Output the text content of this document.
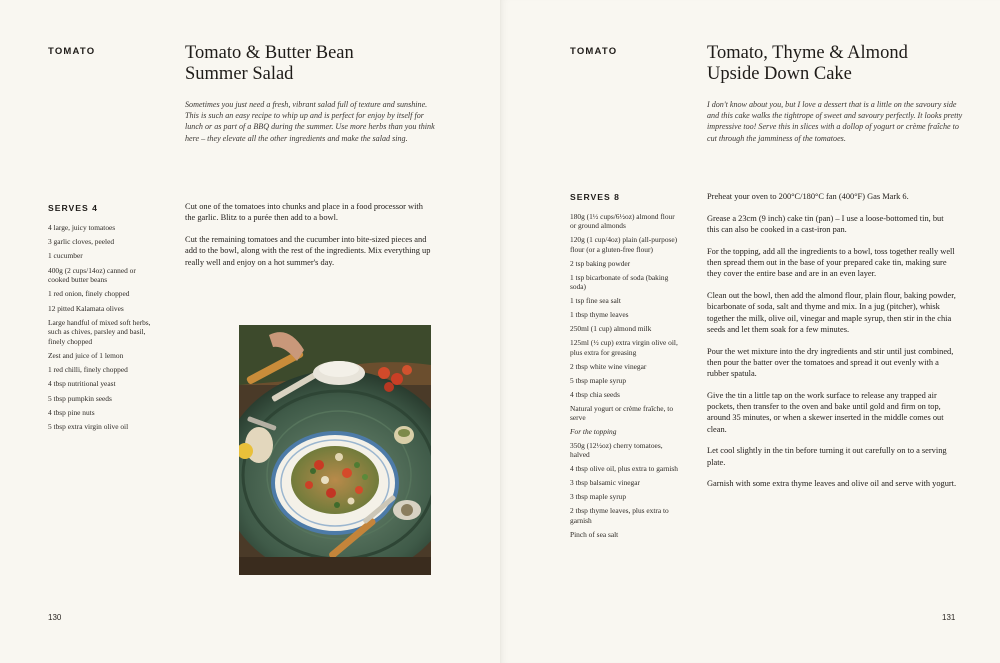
TOMATO	Tomato & Butter Bean
Summer Salad

Sometimes you just need a fresh, vibrant salad full of texture and sunshine. This is such an easy recipe to whip up and is perfect for enjoy by itself for lunch or as part of a BBQ during the summer. Use more herbs than you think here – they elevate all the other ingredients and make the salad sing.

SERVES 4
4 large, juicy tomatoes
3 garlic cloves, peeled
1 cucumber
400g (2 cups/14oz) canned or cooked butter beans
1 red onion, finely chopped
12 pitted Kalamata olives
Large handful of mixed soft herbs, such as chives, parsley and basil, finely chopped
Zest and juice of 1 lemon
1 red chilli, finely chopped
4 tbsp nutritional yeast
5 tbsp pumpkin seeds
4 tbsp pine nuts
5 tbsp extra virgin olive oil

Cut one of the tomatoes into chunks and place in a food processor with the garlic. Blitz to a purée then add to a bowl.

Cut the remaining tomatoes and the cucumber into bite-sized pieces and add to the bowl, along with the rest of the ingredients. Mix everything up really well and enjoy on a hot summer's day.

130
TOMATO	Tomato, Thyme & Almond
Upside Down Cake

I don't know about you, but I love a dessert that is a little on the savoury side and this cake walks the tightrope of sweet and savoury perfectly. It looks pretty impressive too! Serve this in slices with a dollop of yogurt or crème fraîche to cut through the jamminess of the tomatoes.

SERVES 8
180g (1½ cups/6½oz) almond flour or ground almonds
120g (1 cup/4oz) plain (all-purpose) flour (or a gluten-free flour)
2 tsp baking powder
1 tsp bicarbonate of soda (baking soda)
1 tsp fine sea salt
1 tbsp thyme leaves
250ml (1 cup) almond milk
125ml (½ cup) extra virgin olive oil, plus extra for greasing
2 tbsp white wine vinegar
5 tbsp maple syrup
4 tbsp chia seeds
Natural yogurt or crème fraîche, to serve
For the topping
350g (12½oz) cherry tomatoes, halved
4 tbsp olive oil, plus extra to garnish
3 tbsp balsamic vinegar
3 tbsp maple syrup
2 tbsp thyme leaves, plus extra to garnish
Pinch of sea salt

Preheat your oven to 200°C/180°C fan (400°F) Gas Mark 6.

Grease a 23cm (9 inch) cake tin (pan) – I use a loose-bottomed tin, but this can also be cooked in a cast-iron pan.

For the topping, add all the ingredients to a bowl, toss together really well then spread them out in the base of your prepared cake tin, making sure they cover the entire base and are in an even layer.

Clean out the bowl, then add the almond flour, plain flour, baking powder, bicarbonate of soda, salt and thyme and mix. In a jug (pitcher), whisk together the milk, olive oil, vinegar and maple syrup, then stir in the chia seeds and let them soak for a few minutes.

Pour the wet mixture into the dry ingredients and stir until just combined, then pour the batter over the tomatoes and spread it out evenly with a rubber spatula.

Give the tin a little tap on the work surface to release any trapped air pockets, then transfer to the oven and bake until gold and firm on top, around 35 minutes, or when a skewer inserted in the middle comes out clean.

Let cool slightly in the tin before turning it out carefully on to a serving plate.

Garnish with some extra thyme leaves and olive oil and serve with yogurt.

131
